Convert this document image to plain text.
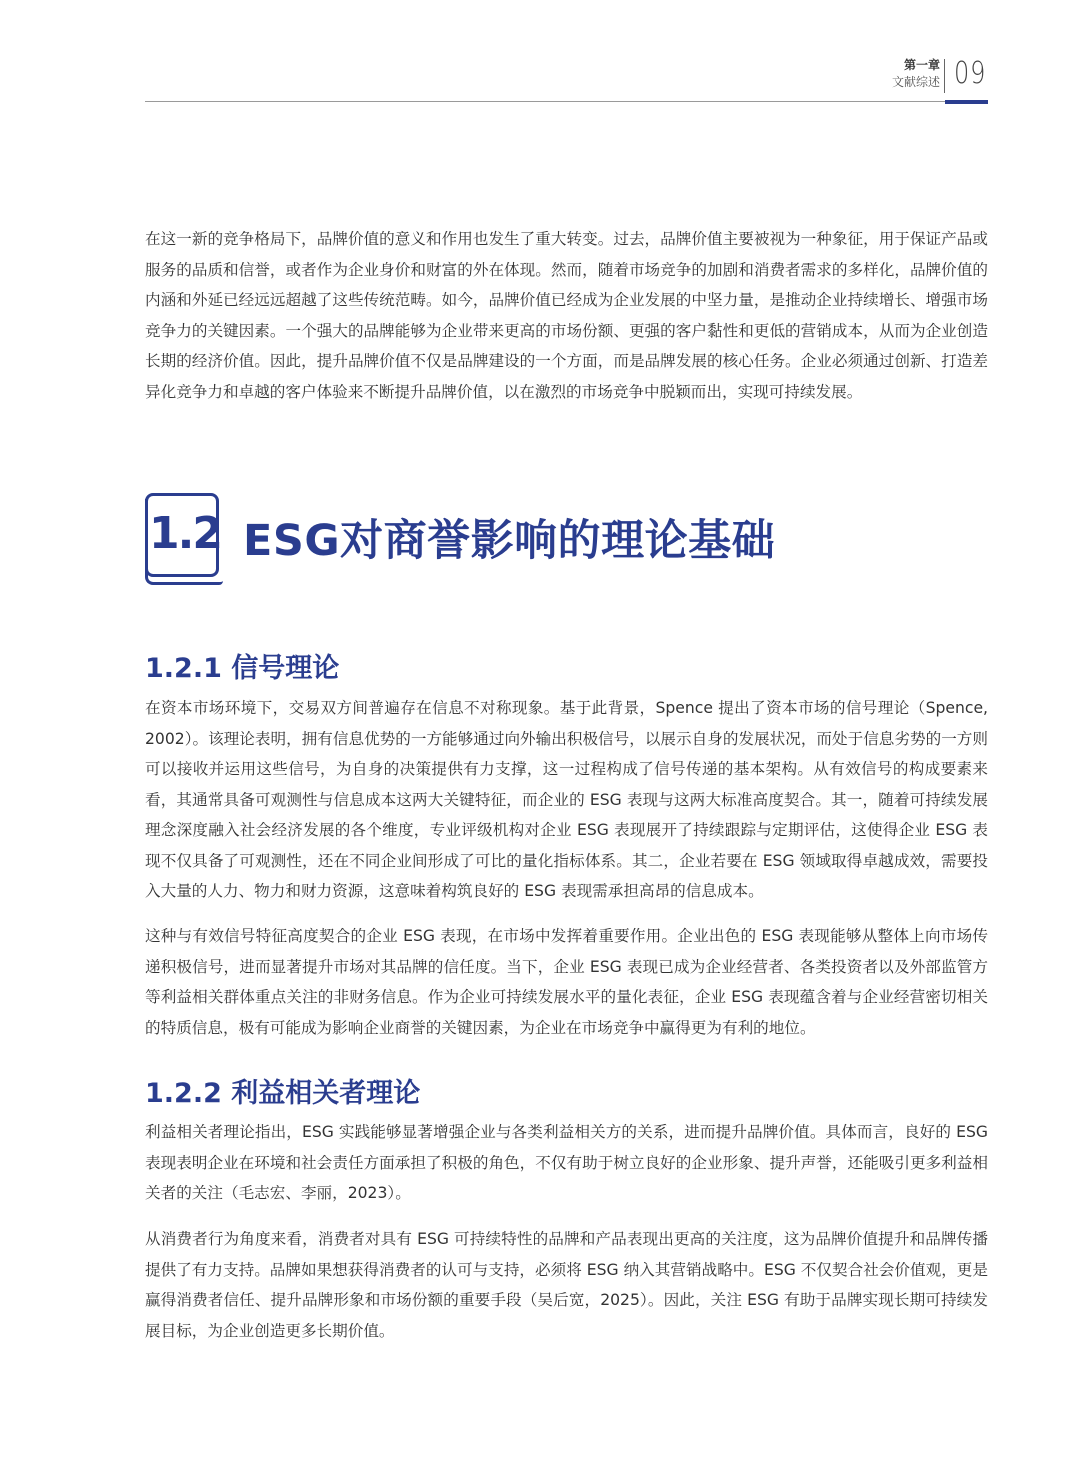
第一章
文献综述 09

在这一新的竞争格局下，品牌价值的意义和作用也发生了重大转变。过去，品牌价值主要被视为一种象征，用于保证产品或服务的品质和信誉，或者作为企业身价和财富的外在体现。然而，随着市场竞争的加剧和消费者需求的多样化，品牌价值的内涵和外延已经远远超越了这些传统范畴。如今，品牌价值已经成为企业发展的中坚力量，是推动企业持续增长、增强市场竞争力的关键因素。一个强大的品牌能够为企业带来更高的市场份额、更强的客户黏性和更低的营销成本，从而为企业创造长期的经济价值。因此，提升品牌价值不仅是品牌建设的一个方面，而是品牌发展的核心任务。企业必须通过创新、打造差异化竞争力和卓越的客户体验来不断提升品牌价值，以在激烈的市场竞争中脱颖而出，实现可持续发展。

1.2 ESG对商誉影响的理论基础
1.2.1 信号理论

在资本市场环境下，交易双方间普遍存在信息不对称现象。基于此背景，Spence 提出了资本市场的信号理论（Spence, 2002）。该理论表明，拥有信息优势的一方能够通过向外输出积极信号，以展示自身的发展状况，而处于信息劣势的一方则可以接收并运用这些信号，为自身的决策提供有力支撑，这一过程构成了信号传递的基本架构。从有效信号的构成要素来看，其通常具备可观测性与信息成本这两大关键特征，而企业的 ESG 表现与这两大标准高度契合。其一，随着可持续发展理念深度融入社会经济发展的各个维度，专业评级机构对企业 ESG 表现展开了持续跟踪与定期评估，这使得企业 ESG 表现不仅具备了可观测性，还在不同企业间形成了可比的量化指标体系。其二，企业若要在 ESG 领域取得卓越成效，需要投入大量的人力、物力和财力资源，这意味着构筑良好的 ESG 表现需承担高昂的信息成本。

这种与有效信号特征高度契合的企业 ESG 表现，在市场中发挥着重要作用。企业出色的 ESG 表现能够从整体上向市场传递积极信号，进而显著提升市场对其品牌的信任度。当下，企业 ESG 表现已成为企业经营者、各类投资者以及外部监管方等利益相关群体重点关注的非财务信息。作为企业可持续发展水平的量化表征，企业 ESG 表现蕴含着与企业经营密切相关的特质信息，极有可能成为影响企业商誉的关键因素，为企业在市场竞争中赢得更为有利的地位。

1.2.2 利益相关者理论

利益相关者理论指出，ESG 实践能够显著增强企业与各类利益相关方的关系，进而提升品牌价值。具体而言，良好的 ESG 表现表明企业在环境和社会责任方面承担了积极的角色，不仅有助于树立良好的企业形象、提升声誉，还能吸引更多利益相关者的关注（毛志宏、李丽，2023）。

从消费者行为角度来看，消费者对具有 ESG 可持续特性的品牌和产品表现出更高的关注度，这为品牌价值提升和品牌传播提供了有力支持。品牌如果想获得消费者的认可与支持，必须将 ESG 纳入其营销战略中。ESG 不仅契合社会价值观，更是赢得消费者信任、提升品牌形象和市场份额的重要手段（吴后宽，2025）。因此，关注 ESG 有助于品牌实现长期可持续发展目标，为企业创造更多长期价值。
